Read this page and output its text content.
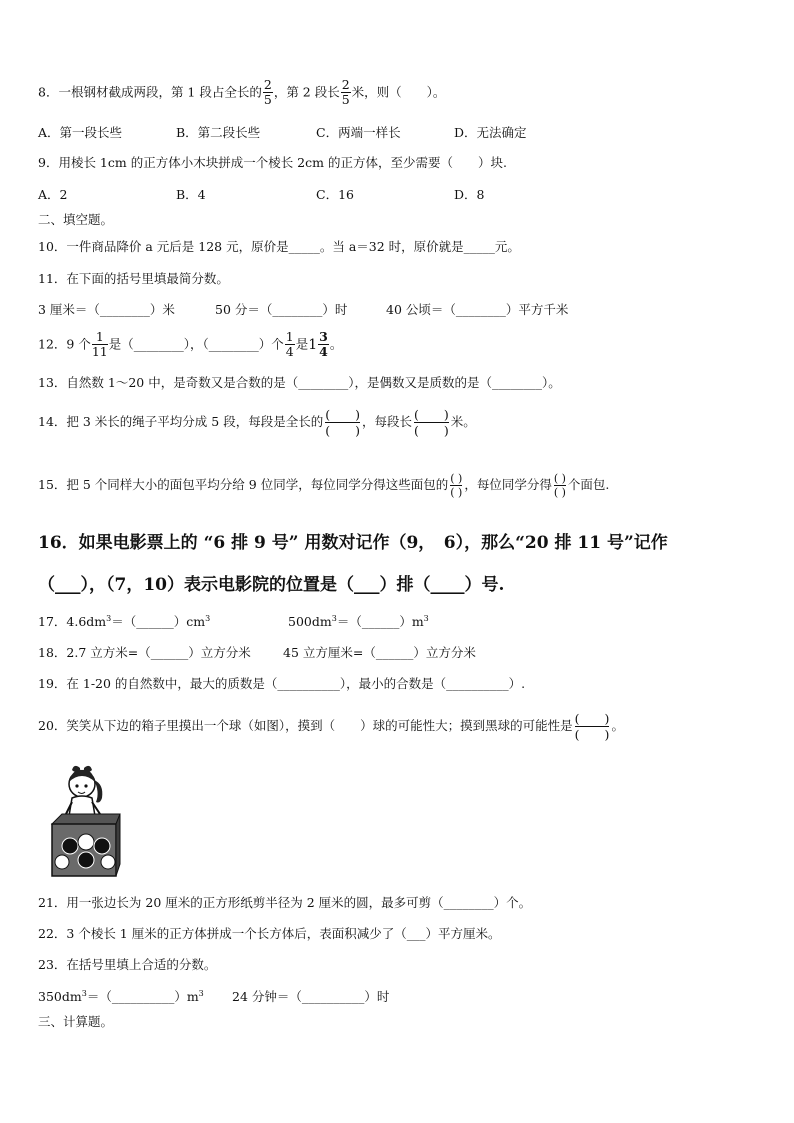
8．一根钢材截成两段，第 1 段占全长的 $\frac{2}{5}$ ，第 2 段长 $\frac{2}{5}$ 米，则（　　）。
A．第一段长些	B．第二段长些	C．两端一样长	D．无法确定
9．用棱长 1cm 的正方体小木块拼成一个棱长 2cm 的正方体，至少需要（　　）块.
A．2	B．4	C．16	D．8
二、填空题。
10．一件商品降价 a 元后是 128 元，原价是_____。当 a＝32 时，原价就是_____元。
11．在下面的括号里填最简分数。
3 厘米＝（________）米	50 分＝（________）时	40 公顷＝（________）平方千米
12．9 个 $\frac{1}{11}$ 是（________），（________）个 $\frac{1}{4}$ 是$1 \frac{3}{4}$ 。
13．自然数 1～20 中，是奇数又是合数的是（________），是偶数又是质数的是（________）。
14．把 3 米长的绳子平均分成 5 段，每段是全长的 (　　)
(　　)
，每段长 (　　)
(　　)
米。
15．把 5 个同样大小的面包平均分给 9 位同学，每位同学分得这些面包的 ( )
( )
，每位同学分得 ( )
( )
个面包.
16．如果电影票上的 “6 排 9 号” 用数对记作（9，　6），那么“20 排 11 号”记作
（___），（7，10）表示电影院的位置是（___）排（____）号.
17．$4.6dm^3=(\_\_\_\_\_\_)cm^3$	$500dm^3=(\_\_\_\_\_\_)m^3$
18．2.7 立方米=（______）立方分米	45 立方厘米=（______）立方分米
19．在 1-20 的自然数中，最大的质数是（__________），最小的合数是（__________）.
20．笑笑从下边的箱子里摸出一个球（如图），摸到（　　）球的可能性大；摸到黑球的可能性是 (　　)
(　　)
。
21．用一张边长为 20 厘米的正方形纸剪半径为 2 厘米的圆，最多可剪（________）个。
22．3 个棱长 1 厘米的正方体拼成一个长方体后，表面积减少了（___）平方厘米。
23．在括号里填上合适的分数。
$350dm^3=(\_\_\_\_\_\_\_\_\_\_)m^3$ 24 分钟＝（__________）时
三、计算题。
